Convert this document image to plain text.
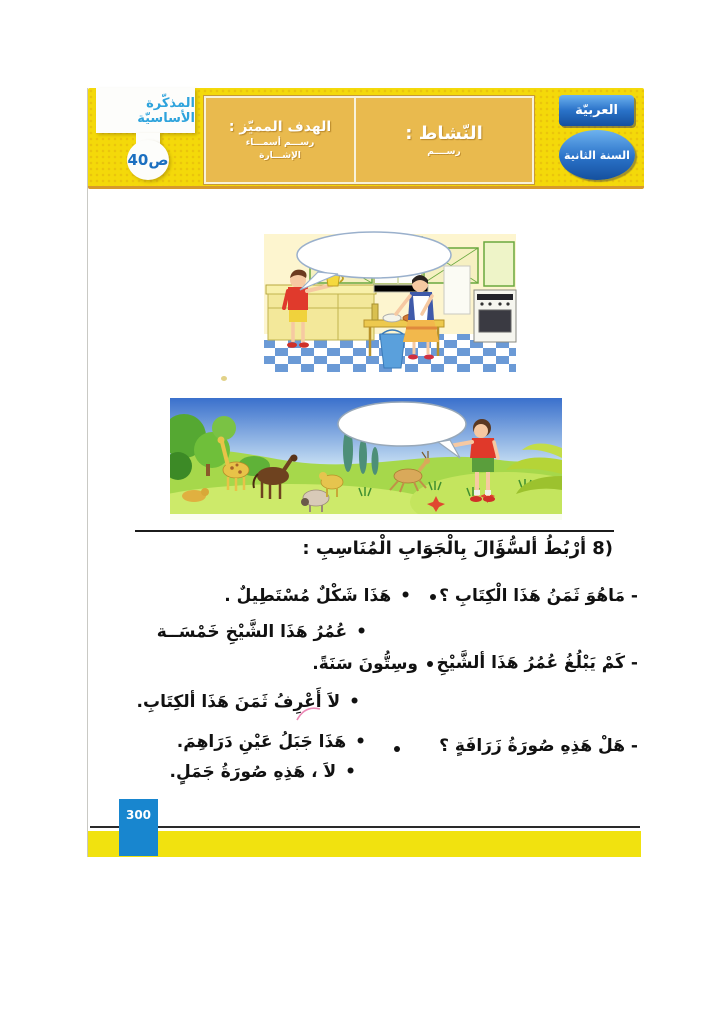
المذكّرة الأساسيّة
ص40
الهدف المميّز :
رســـم أسمـــاء
الإشـــارة
النّشاط :
رســــم
العربيّة
السنة الثانية
8)أرْبُطُ ألسُّؤَالَ بِالْجَوَابِ الْمُنَاسِبِ :
- مَاهُوَ ثَمَنُ هَذَا الْكِتَابِ ؟
- كَمْ يَبْلُغُ عُمُرُ هَذَا ألشَّيْخِ
- هَلْ هَذِهِ صُورَةُ زَرَافَةٍ ؟
•هَذَا شَكْلٌ مُسْتَطِيلٌ .
•عُمُرُ هَذَا الشَّيْخِ خَمْسَــة
وسِتُّونَ سَنَةً.
•لاَ أَعْرِفُ ثَمَنَ هَذَا ألكِتَابِ.
•هَذَا جَبَلُ عَيْنِ دَرَاهِمَ.
•لاَ ، هَذِهِ صُورَةُ جَمَلٍ.
300
